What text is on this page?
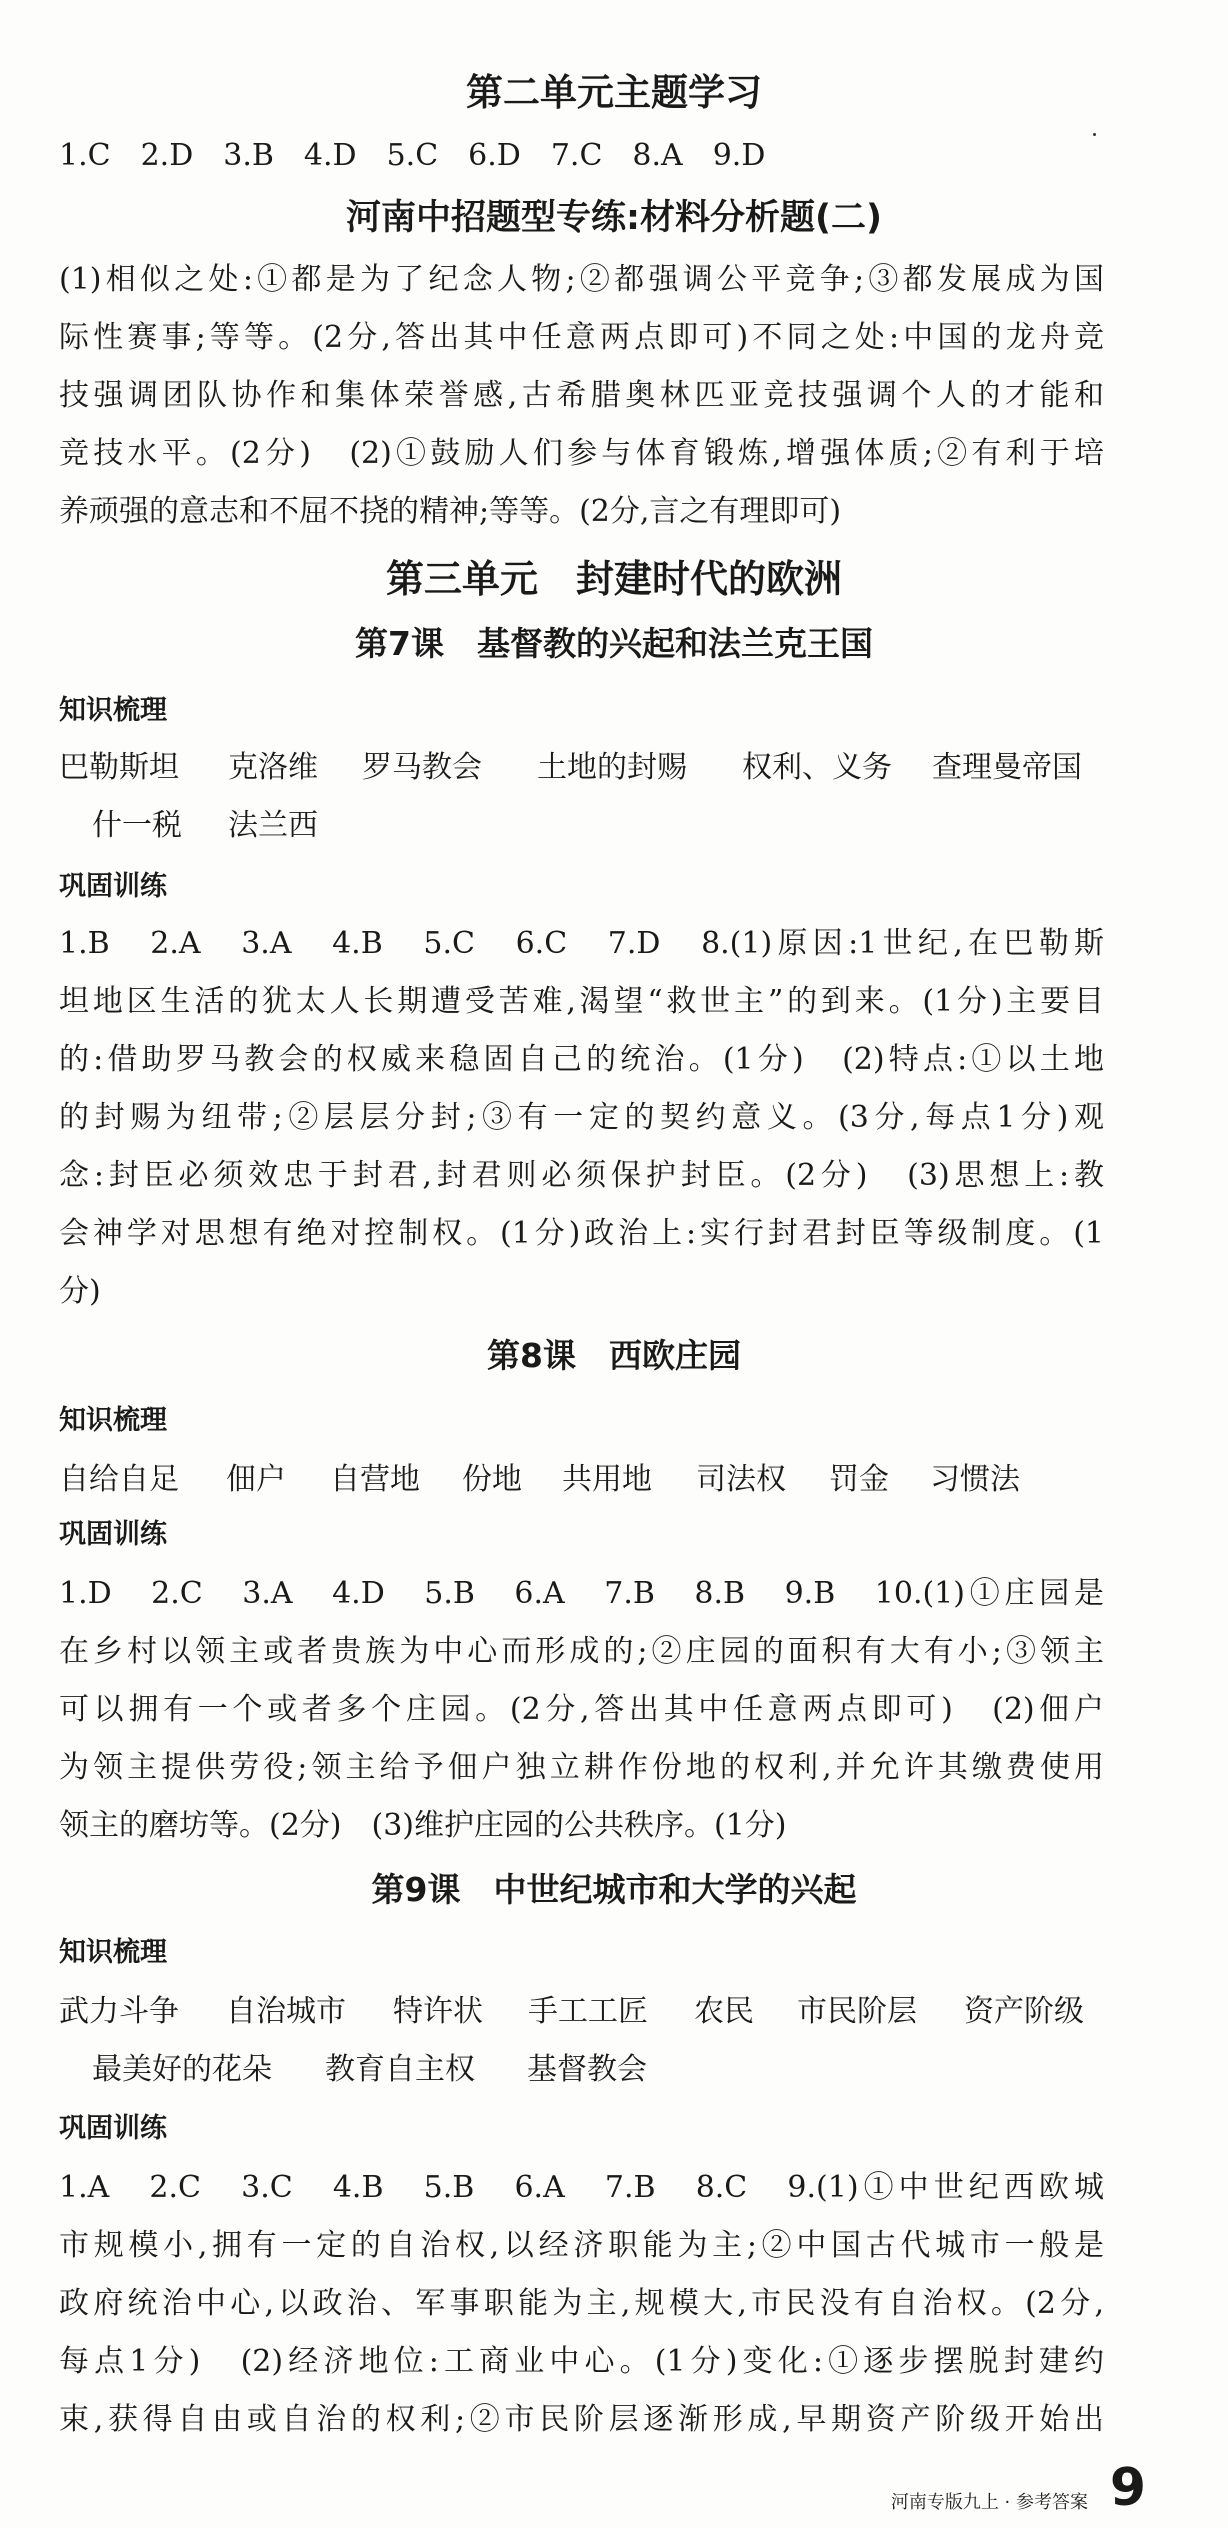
第二单元主题学习
1.C　2.D　3.B　4.D　5.C　6.D　7.C　8.A　9.D
河南中招题型专练:材料分析题(二)
(1)相似之处:①都是为了纪念人物;②都强调公平竞争;③都发展成为国
际性赛事;等等。(2分,答出其中任意两点即可)不同之处:中国的龙舟竞
技强调团队协作和集体荣誉感,古希腊奥林匹亚竞技强调个人的才能和
竞技水平。(2分)　(2)①鼓励人们参与体育锻炼,增强体质;②有利于培
养顽强的意志和不屈不挠的精神;等等。(2分,言之有理即可)
第三单元　封建时代的欧洲
第7课　基督教的兴起和法兰克王国
知识梳理
巴勒斯坦 克洛维 罗马教会 土地的封赐 权利、义务 查理曼帝国
什一税 法兰西
巩固训练
1.B　2.A　3.A　4.B　5.C　6.C　7.D　8.(1)原因:1世纪,在巴勒斯
坦地区生活的犹太人长期遭受苦难,渴望“救世主”的到来。(1分)主要目
的:借助罗马教会的权威来稳固自己的统治。(1分)　(2)特点:①以土地
的封赐为纽带;②层层分封;③有一定的契约意义。(3分,每点1分)观
念:封臣必须效忠于封君,封君则必须保护封臣。(2分)　(3)思想上:教
会神学对思想有绝对控制权。(1分)政治上:实行封君封臣等级制度。(1
分)
第8课　西欧庄园
知识梳理
自给自足 佃户 自营地 份地 共用地 司法权 罚金 习惯法
巩固训练
1.D　2.C　3.A　4.D　5.B　6.A　7.B　8.B　9.B　10.(1)①庄园是
在乡村以领主或者贵族为中心而形成的;②庄园的面积有大有小;③领主
可以拥有一个或者多个庄园。(2分,答出其中任意两点即可)　(2)佃户
为领主提供劳役;领主给予佃户独立耕作份地的权利,并允许其缴费使用
领主的磨坊等。(2分)　(3)维护庄园的公共秩序。(1分)
第9课　中世纪城市和大学的兴起
知识梳理
武力斗争 自治城市 特许状 手工工匠 农民 市民阶层 资产阶级
最美好的花朵 教育自主权 基督教会
巩固训练
1.A　2.C　3.C　4.B　5.B　6.A　7.B　8.C　9.(1)①中世纪西欧城
市规模小,拥有一定的自治权,以经济职能为主;②中国古代城市一般是
政府统治中心,以政治、军事职能为主,规模大,市民没有自治权。(2分,
每点1分)　(2)经济地位:工商业中心。(1分)变化:①逐步摆脱封建约
束,获得自由或自治的权利;②市民阶层逐渐形成,早期资产阶级开始出
河南专版九上 · 参考答案 9
